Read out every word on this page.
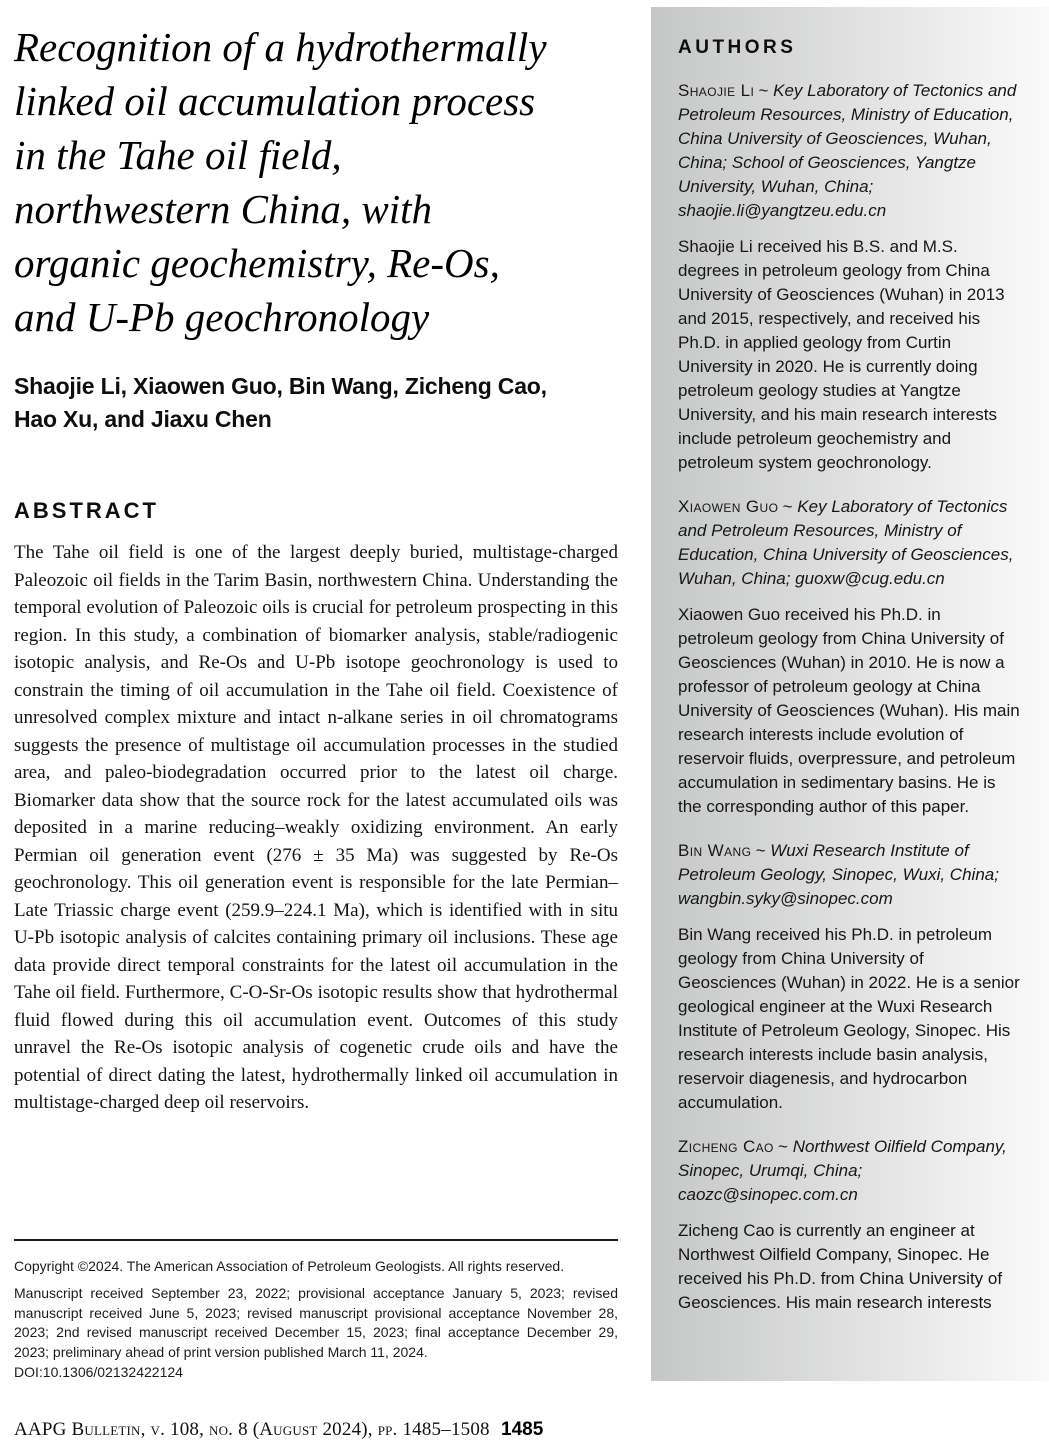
Recognition of a hydrothermally
linked oil accumulation process
in the Tahe oil field,
northwestern China, with
organic geochemistry, Re-Os,
and U-Pb geochronology
Shaojie Li, Xiaowen Guo, Bin Wang, Zicheng Cao,
Hao Xu, and Jiaxu Chen
ABSTRACT

The Tahe oil field is one of the largest deeply buried, multistage-charged Paleozoic oil fields in the Tarim Basin, northwestern China. Understanding the temporal evolution of Paleozoic oils is crucial for petroleum prospecting in this region. In this study, a combination of biomarker analysis, stable/radiogenic isotopic analysis, and Re-Os and U-Pb isotope geochronology is used to constrain the timing of oil accumulation in the Tahe oil field. Coexistence of unresolved complex mixture and intact n-alkane series in oil chromatograms suggests the presence of multistage oil accumulation processes in the studied area, and paleo-biodegradation occurred prior to the latest oil charge. Biomarker data show that the source rock for the latest accumulated oils was deposited in a marine reducing–weakly oxidizing environment. An early Permian oil generation event (276 ± 35 Ma) was suggested by Re-Os geochronology. This oil generation event is responsible for the late Permian–Late Triassic charge event (259.9–224.1 Ma), which is identified with in situ U-Pb isotopic analysis of calcites containing primary oil inclusions. These age data provide direct temporal constraints for the latest oil accumulation in the Tahe oil field. Furthermore, C-O-Sr-Os isotopic results show that hydrothermal fluid flowed during this oil accumulation event. Outcomes of this study unravel the Re-Os isotopic analysis of cogenetic crude oils and have the potential of direct dating the latest, hydrothermally linked oil accumulation in multistage-charged deep oil reservoirs.

Copyright ©2024. The American Association of Petroleum Geologists. All rights reserved.

Manuscript received September 23, 2022; provisional acceptance January 5, 2023; revised manuscript received June 5, 2023; revised manuscript provisional acceptance November 28, 2023; 2nd revised manuscript received December 15, 2023; final acceptance December 29, 2023; preliminary ahead of print version published March 11, 2024.

DOI:10.1306/02132422124

AAPG Bulletin, v. 108, no. 8 (August 2024), pp. 1485–1508 1485
AUTHORS

Shaojie Li ~ Key Laboratory of Tectonics and Petroleum Resources, Ministry of Education, China University of Geosciences, Wuhan, China; School of Geosciences, Yangtze University, Wuhan, China; shaojie.li@yangtzeu.edu.cn

Shaojie Li received his B.S. and M.S. degrees in petroleum geology from China University of Geosciences (Wuhan) in 2013 and 2015, respectively, and received his Ph.D. in applied geology from Curtin University in 2020. He is currently doing petroleum geology studies at Yangtze University, and his main research interests include petroleum geochemistry and petroleum system geochronology.

Xiaowen Guo ~ Key Laboratory of Tectonics and Petroleum Resources, Ministry of Education, China University of Geosciences, Wuhan, China; guoxw@cug.edu.cn

Xiaowen Guo received his Ph.D. in petroleum geology from China University of Geosciences (Wuhan) in 2010. He is now a professor of petroleum geology at China University of Geosciences (Wuhan). His main research interests include evolution of reservoir fluids, overpressure, and petroleum accumulation in sedimentary basins. He is the corresponding author of this paper.

Bin Wang ~ Wuxi Research Institute of Petroleum Geology, Sinopec, Wuxi, China; wangbin.syky@sinopec.com

Bin Wang received his Ph.D. in petroleum geology from China University of Geosciences (Wuhan) in 2022. He is a senior geological engineer at the Wuxi Research Institute of Petroleum Geology, Sinopec. His research interests include basin analysis, reservoir diagenesis, and hydrocarbon accumulation.

Zicheng Cao ~ Northwest Oilfield Company, Sinopec, Urumqi, China; caozc@sinopec.com.cn

Zicheng Cao is currently an engineer at Northwest Oilfield Company, Sinopec. He received his Ph.D. from China University of Geosciences. His main research interests
